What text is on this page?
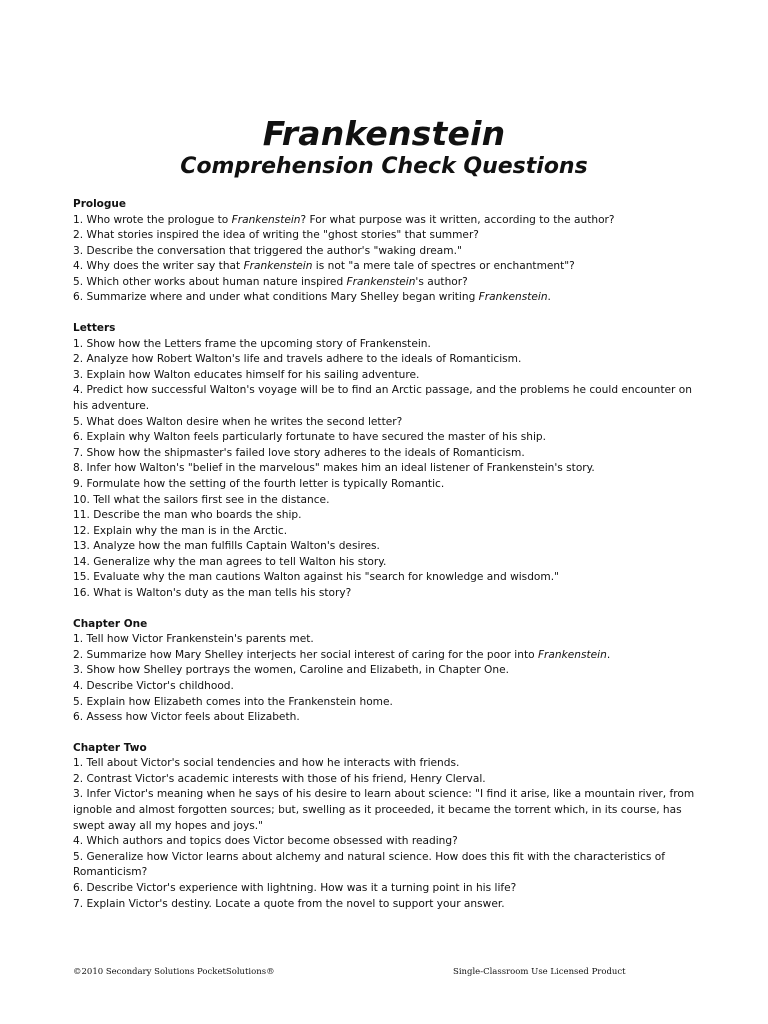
Frankenstein
Comprehension Check Questions
Prologue
1. Who wrote the prologue to Frankenstein? For what purpose was it written, according to the author?
2. What stories inspired the idea of writing the "ghost stories" that summer?
3. Describe the conversation that triggered the author's "waking dream."
4. Why does the writer say that Frankenstein is not "a mere tale of spectres or enchantment"?
5. Which other works about human nature inspired Frankenstein's author?
6. Summarize where and under what conditions Mary Shelley began writing Frankenstein.
Letters
1. Show how the Letters frame the upcoming story of Frankenstein.
2. Analyze how Robert Walton's life and travels adhere to the ideals of Romanticism.
3. Explain how Walton educates himself for his sailing adventure.
4. Predict how successful Walton's voyage will be to find an Arctic passage, and the problems he could encounter on his adventure.
5. What does Walton desire when he writes the second letter?
6. Explain why Walton feels particularly fortunate to have secured the master of his ship.
7. Show how the shipmaster's failed love story adheres to the ideals of Romanticism.
8. Infer how Walton's "belief in the marvelous" makes him an ideal listener of Frankenstein's story.
9. Formulate how the setting of the fourth letter is typically Romantic.
10. Tell what the sailors first see in the distance.
11. Describe the man who boards the ship.
12. Explain why the man is in the Arctic.
13. Analyze how the man fulfills Captain Walton's desires.
14. Generalize why the man agrees to tell Walton his story.
15. Evaluate why the man cautions Walton against his "search for knowledge and wisdom."
16. What is Walton's duty as the man tells his story?
Chapter One
1. Tell how Victor Frankenstein's parents met.
2. Summarize how Mary Shelley interjects her social interest of caring for the poor into Frankenstein.
3. Show how Shelley portrays the women, Caroline and Elizabeth, in Chapter One.
4. Describe Victor's childhood.
5. Explain how Elizabeth comes into the Frankenstein home.
6. Assess how Victor feels about Elizabeth.
Chapter Two
1. Tell about Victor's social tendencies and how he interacts with friends.
2. Contrast Victor's academic interests with those of his friend, Henry Clerval.
3. Infer Victor's meaning when he says of his desire to learn about science: "I find it arise, like a mountain river, from ignoble and almost forgotten sources; but, swelling as it proceeded, it became the torrent which, in its course, has swept away all my hopes and joys."
4. Which authors and topics does Victor become obsessed with reading?
5. Generalize how Victor learns about alchemy and natural science. How does this fit with the characteristics of Romanticism?
6. Describe Victor's experience with lightning. How was it a turning point in his life?
7. Explain Victor's destiny. Locate a quote from the novel to support your answer.
©2010 Secondary Solutions PocketSolutions®	Single-Classroom Use Licensed Product
